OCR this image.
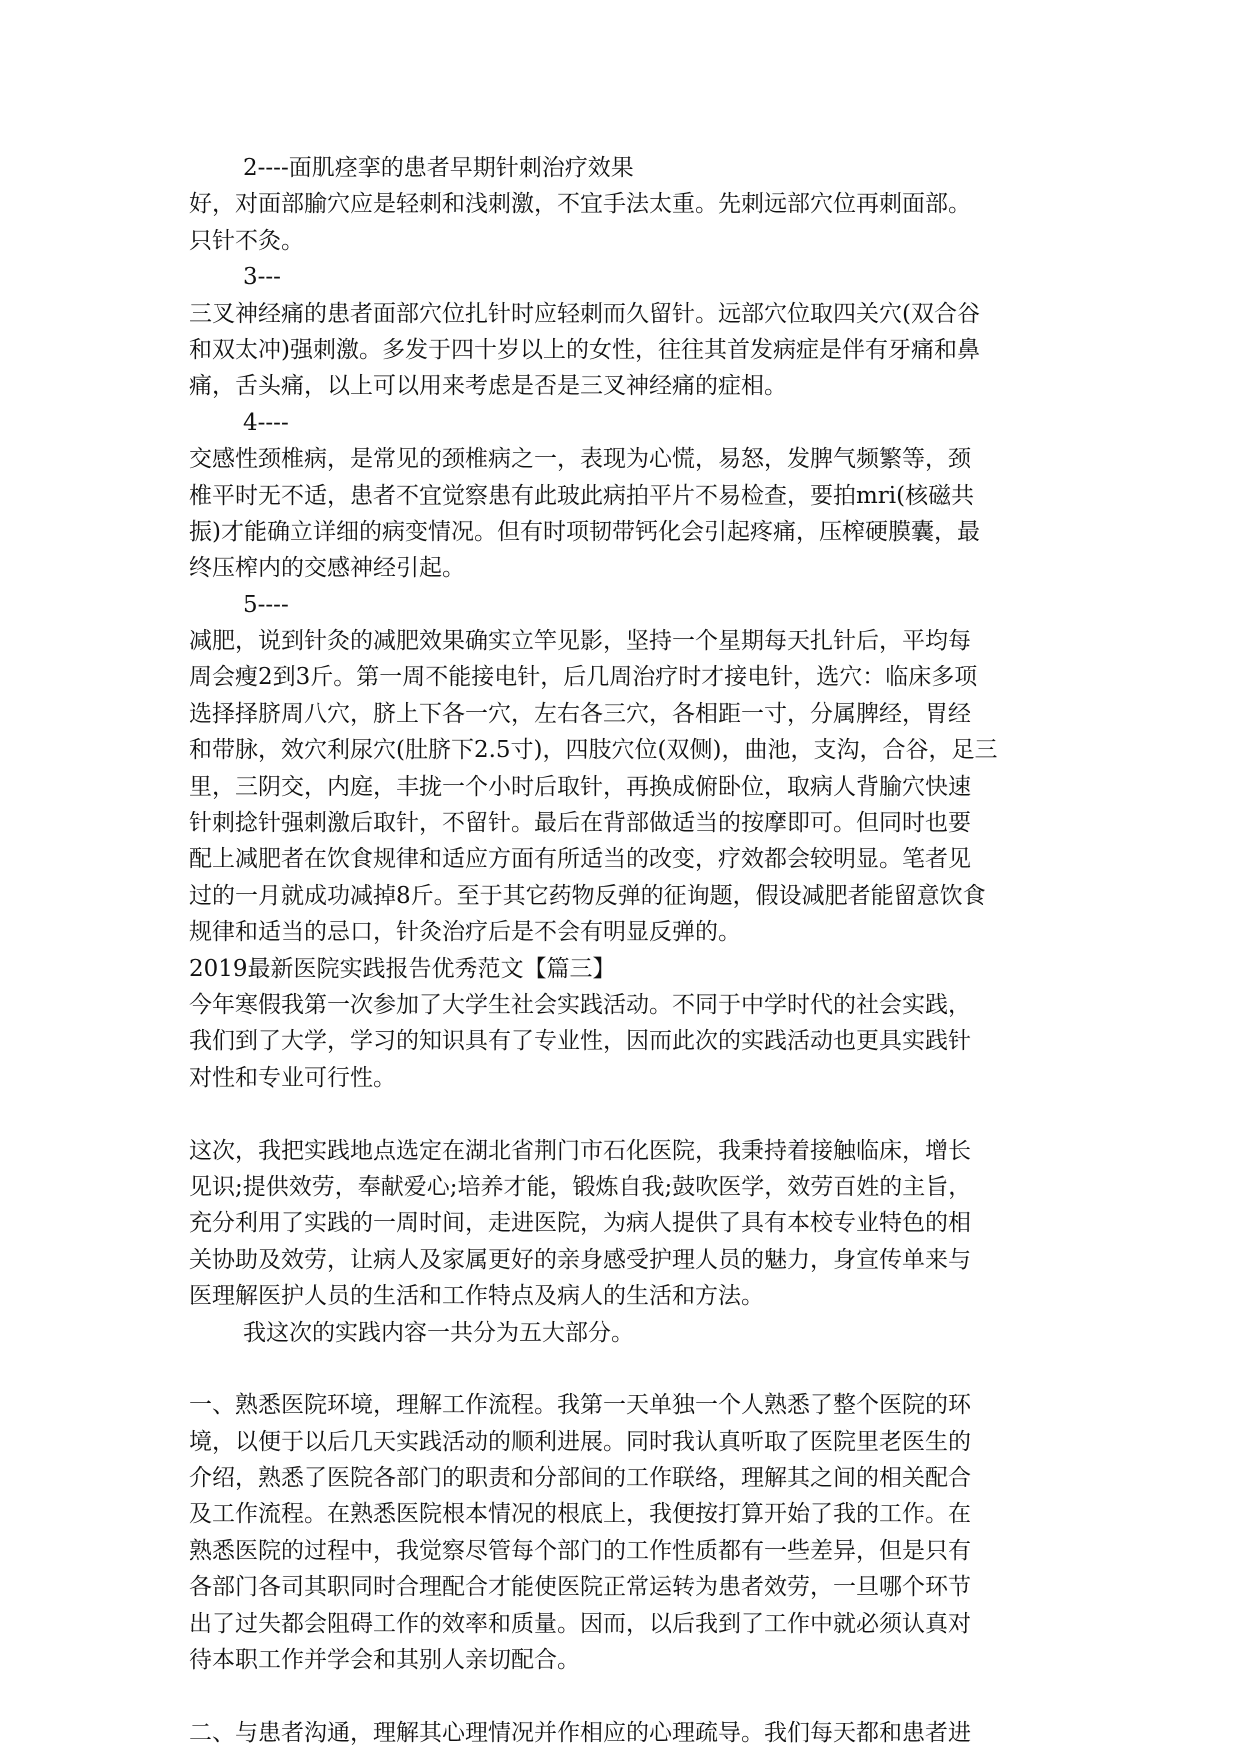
2----面肌痉挛的患者早期针刺治疗效果
好，对面部腧穴应是轻刺和浅刺激，不宜手法太重。先刺远部穴位再刺面部。
只针不灸。
3---
三叉神经痛的患者面部穴位扎针时应轻刺而久留针。远部穴位取四关穴(双合谷
和双太冲)强刺激。多发于四十岁以上的女性，往往其首发病症是伴有牙痛和鼻
痛，舌头痛，以上可以用来考虑是否是三叉神经痛的症相。
4----
交感性颈椎病，是常见的颈椎病之一，表现为心慌，易怒，发脾气频繁等，颈
椎平时无不适，患者不宜觉察患有此玻此病拍平片不易检查，要拍mri(核磁共
振)才能确立详细的病变情况。但有时项韧带钙化会引起疼痛，压榨硬膜囊，最
终压榨内的交感神经引起。
5----
减肥，说到针灸的减肥效果确实立竿见影，坚持一个星期每天扎针后，平均每
周会瘦2到3斤。第一周不能接电针，后几周治疗时才接电针，选穴：临床多项
选择择脐周八穴，脐上下各一穴，左右各三穴，各相距一寸，分属脾经，胃经
和带脉，效穴利尿穴(肚脐下2.5寸)，四肢穴位(双侧)，曲池，支沟，合谷，足三
里，三阴交，内庭，丰拢一个小时后取针，再换成俯卧位，取病人背腧穴快速
针刺捻针强刺激后取针，不留针。最后在背部做适当的按摩即可。但同时也要
配上减肥者在饮食规律和适应方面有所适当的改变，疗效都会较明显。笔者见
过的一月就成功减掉8斤。至于其它药物反弹的征询题，假设减肥者能留意饮食
规律和适当的忌口，针灸治疗后是不会有明显反弹的。
2019最新医院实践报告优秀范文【篇三】
今年寒假我第一次参加了大学生社会实践活动。不同于中学时代的社会实践，
我们到了大学，学习的知识具有了专业性，因而此次的实践活动也更具实践针
对性和专业可行性。
这次，我把实践地点选定在湖北省荆门市石化医院，我秉持着接触临床，增长
见识;提供效劳，奉献爱心;培养才能，锻炼自我;鼓吹医学，效劳百姓的主旨，
充分利用了实践的一周时间，走进医院，为病人提供了具有本校专业特色的相
关协助及效劳，让病人及家属更好的亲身感受护理人员的魅力，身宣传单来与
医理解医护人员的生活和工作特点及病人的生活和方法。
我这次的实践内容一共分为五大部分。
一、熟悉医院环境，理解工作流程。我第一天单独一个人熟悉了整个医院的环
境，以便于以后几天实践活动的顺利进展。同时我认真听取了医院里老医生的
介绍，熟悉了医院各部门的职责和分部间的工作联络，理解其之间的相关配合
及工作流程。在熟悉医院根本情况的根底上，我便按打算开始了我的工作。在
熟悉医院的过程中，我觉察尽管每个部门的工作性质都有一些差异，但是只有
各部门各司其职同时合理配合才能使医院正常运转为患者效劳，一旦哪个环节
出了过失都会阻碍工作的效率和质量。因而，以后我到了工作中就必须认真对
待本职工作并学会和其别人亲切配合。
二、与患者沟通，理解其心理情况并作相应的心理疏导。我们每天都和患者进
